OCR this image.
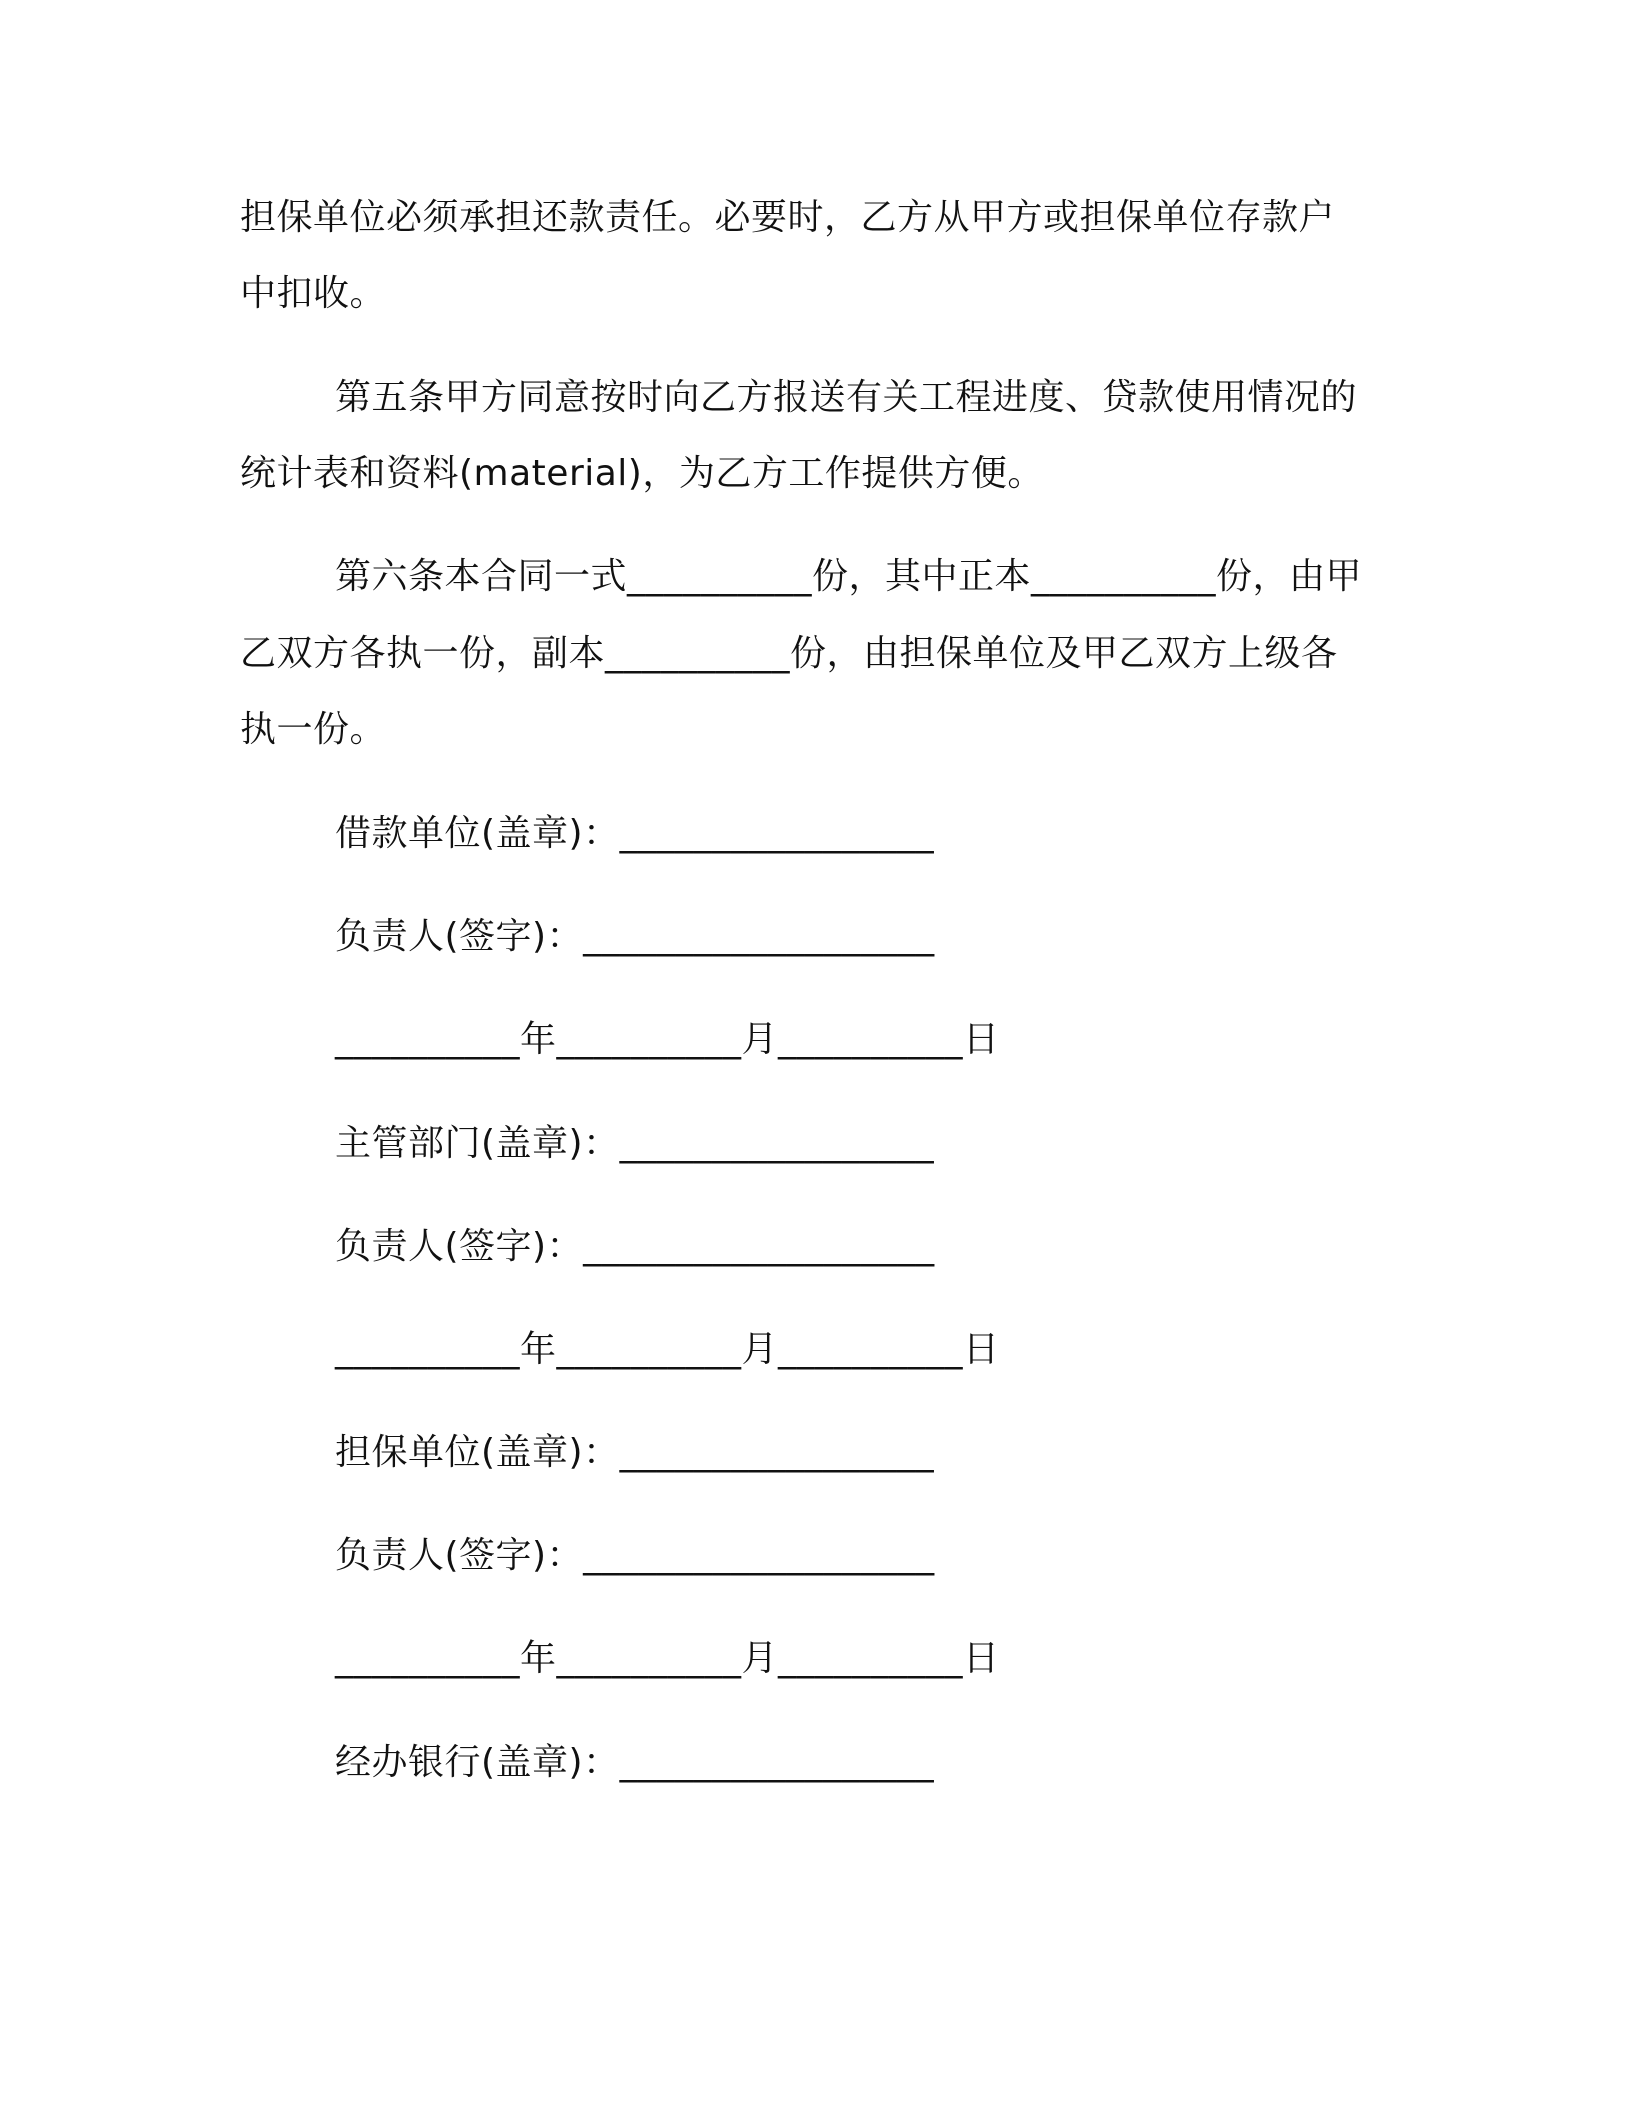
担保单位必须承担还款责任。必要时，乙方从甲方或担保单位存款户
中扣收。
第五条甲方同意按时向乙方报送有关工程进度、贷款使用情况的
统计表和资料(material)，为乙方工作提供方便。
第六条本合同一式__________份，其中正本__________份，由甲
乙双方各执一份，副本__________份，由担保单位及甲乙双方上级各
执一份。
借款单位(盖章)：_________________
负责人(签字)：___________________
__________年__________月__________日
主管部门(盖章)：_________________
负责人(签字)：___________________
__________年__________月__________日
担保单位(盖章)：_________________
负责人(签字)：___________________
__________年__________月__________日
经办银行(盖章)：_________________
